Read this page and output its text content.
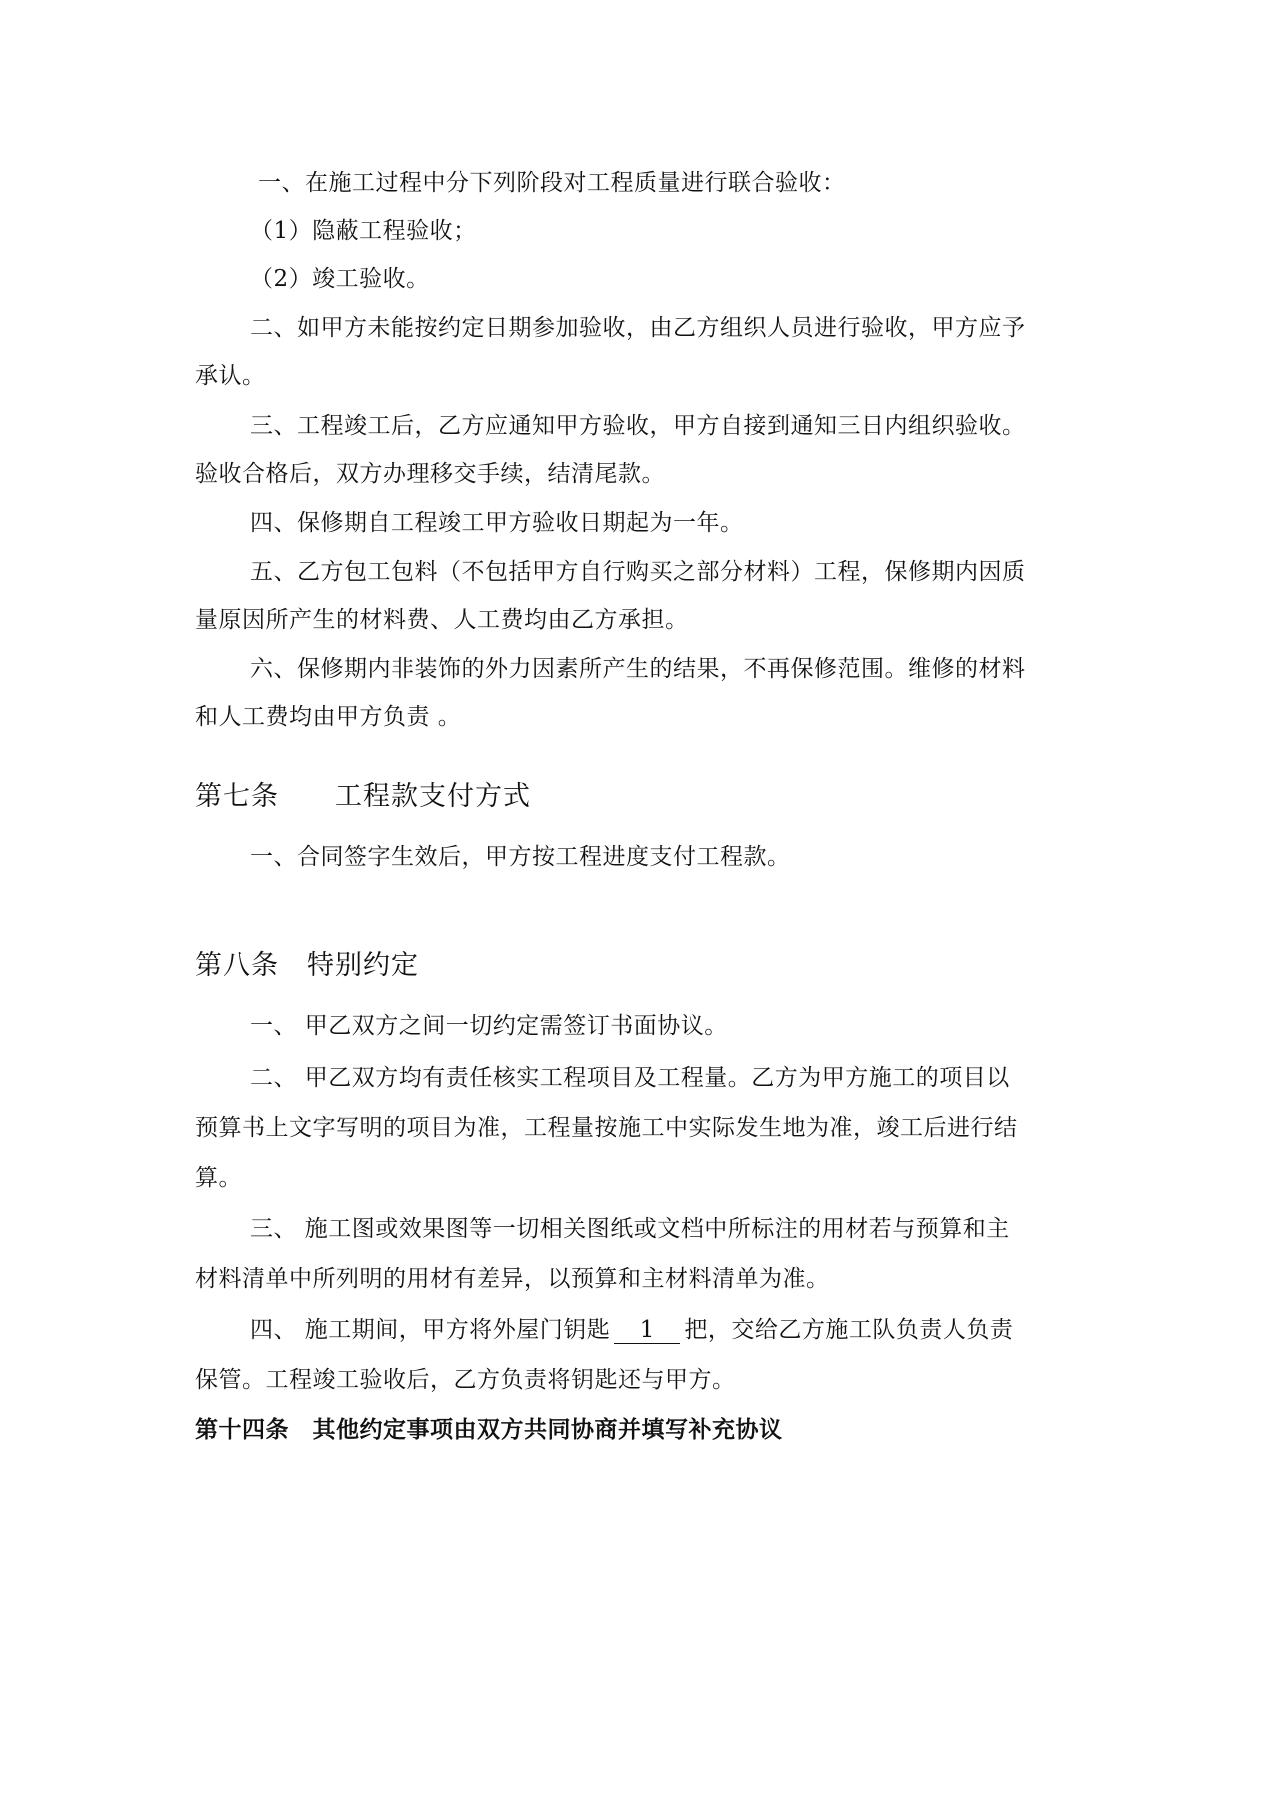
一、在施工过程中分下列阶段对工程质量进行联合验收：
（1）隐蔽工程验收；
（2）竣工验收。
二、如甲方未能按约定日期参加验收，由乙方组织人员进行验收，甲方应予
承认。
三、工程竣工后，乙方应通知甲方验收，甲方自接到通知三日内组织验收。
验收合格后，双方办理移交手续，结清尾款。
四、保修期自工程竣工甲方验收日期起为一年。
五、乙方包工包料（不包括甲方自行购买之部分材料）工程，保修期内因质
量原因所产生的材料费、人工费均由乙方承担。
六、保修期内非装饰的外力因素所产生的结果，不再保修范围。维修的材料
和人工费均由甲方负责 。
第七条　　工程款支付方式
一、合同签字生效后，甲方按工程进度支付工程款。
第八条　特别约定
一、 甲乙双方之间一切约定需签订书面协议。
二、 甲乙双方均有责任核实工程项目及工程量。乙方为甲方施工的项目以
预算书上文字写明的项目为准，工程量按施工中实际发生地为准，竣工后进行结
算。
三、 施工图或效果图等一切相关图纸或文档中所标注的用材若与预算和主
材料清单中所列明的用材有差异，以预算和主材料清单为准。
四、 施工期间，甲方将外屋门钥匙 1 把，交给乙方施工队负责人负责
保管。工程竣工验收后，乙方负责将钥匙还与甲方。
第十四条　其他约定事项由双方共同协商并填写补充协议
